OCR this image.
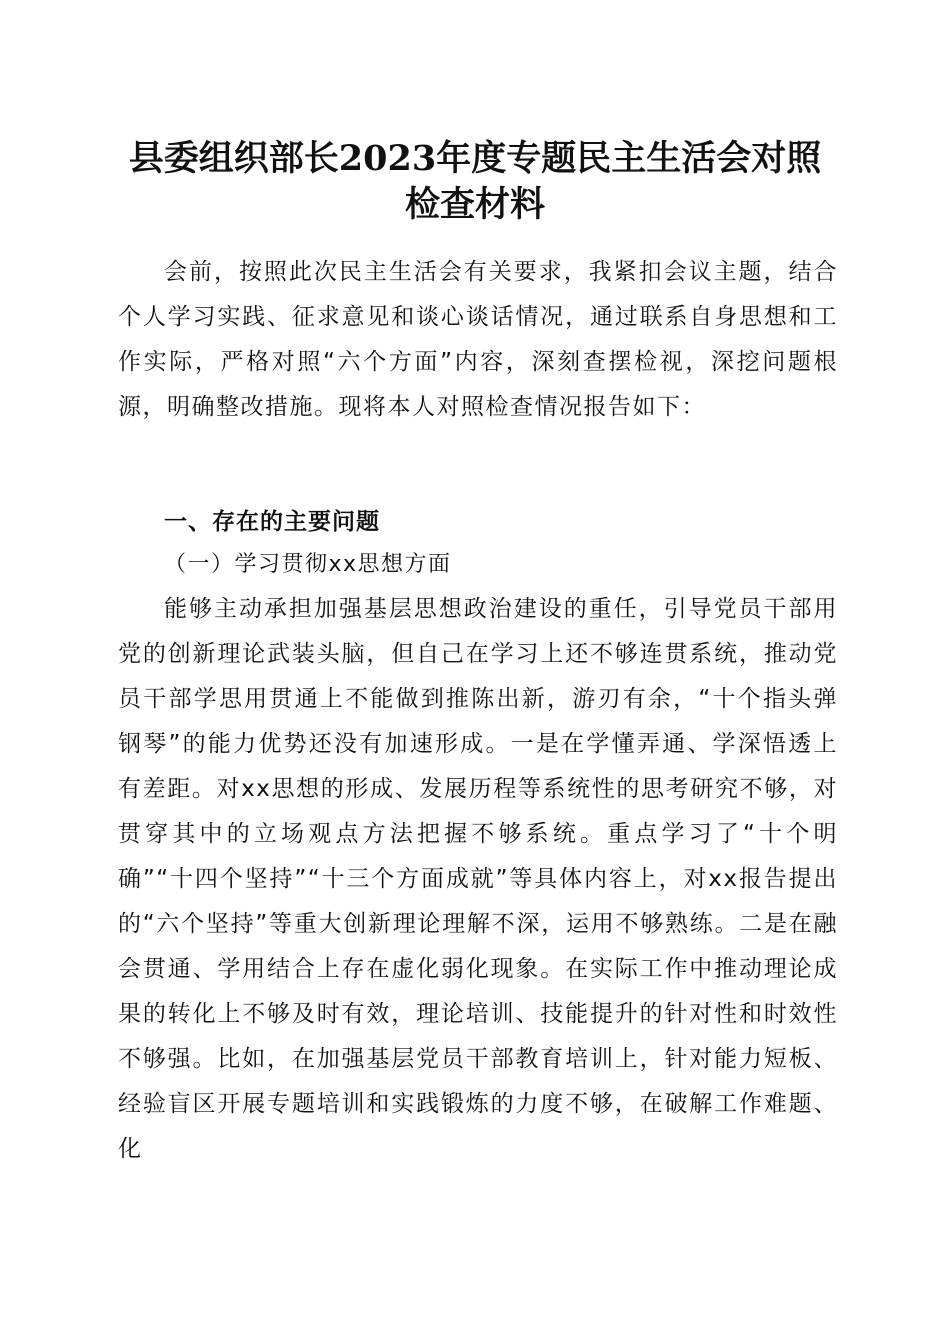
县委组织部长2023年度专题民主生活会对照
检查材料

会前，按照此次民主生活会有关要求，我紧扣会议主题，结合个人学习实践、征求意见和谈心谈话情况，通过联系自身思想和工作实际，严格对照“六个方面”内容，深刻查摆检视，深挖问题根源，明确整改措施。现将本人对照检查情况报告如下：

一、存在的主要问题

（一）学习贯彻xx思想方面

能够主动承担加强基层思想政治建设的重任，引导党员干部用党的创新理论武装头脑，但自己在学习上还不够连贯系统，推动党员干部学思用贯通上不能做到推陈出新，游刃有余，“十个指头弹钢琴”的能力优势还没有加速形成。一是在学懂弄通、学深悟透上有差距。对xx思想的形成、发展历程等系统性的思考研究不够，对贯穿其中的立场观点方法把握不够系统。重点学习了“十个明确”“十四个坚持”“十三个方面成就”等具体内容上，对xx报告提出的“六个坚持”等重大创新理论理解不深，运用不够熟练。二是在融会贯通、学用结合上存在虚化弱化现象。在实际工作中推动理论成果的转化上不够及时有效，理论培训、技能提升的针对性和时效性不够强。比如，在加强基层党员干部教育培训上，针对能力短板、经验盲区开展专题培训和实践锻炼的力度不够，在破解工作难题、化
